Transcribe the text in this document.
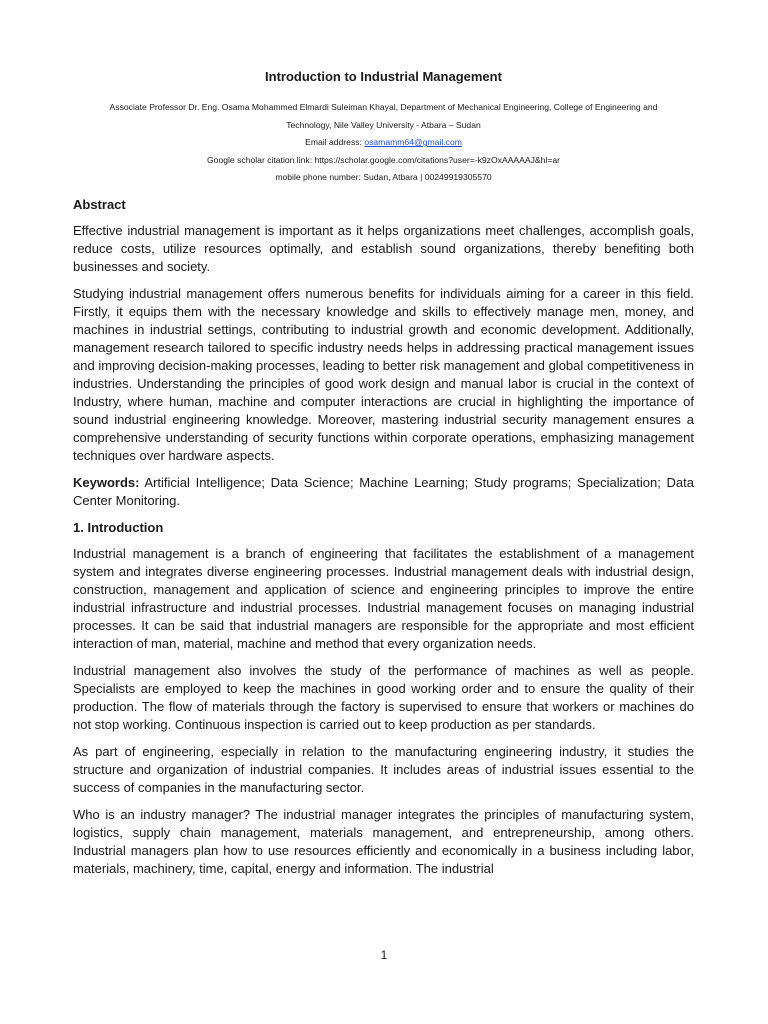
Introduction to Industrial Management

Associate Professor Dr. Eng. Osama Mohammed Elmardi Suleiman Khayal, Department of Mechanical Engineering, College of Engineering and

Technology, Nile Valley University - Atbara – Sudan

Email address: osamamm64@gmail.com

Google scholar citation link: https://scholar.google.com/citations?user=-k9zOxAAAAAJ&hl=ar

mobile phone number: Sudan, Atbara | 00249919305570

Abstract

Effective industrial management is important as it helps organizations meet challenges, accomplish goals, reduce costs, utilize resources optimally, and establish sound organizations, thereby benefiting both businesses and society.

Studying industrial management offers numerous benefits for individuals aiming for a career in this field. Firstly, it equips them with the necessary knowledge and skills to effectively manage men, money, and machines in industrial settings, contributing to industrial growth and economic development. Additionally, management research tailored to specific industry needs helps in addressing practical management issues and improving decision-making processes, leading to better risk management and global competitiveness in industries. Understanding the principles of good work design and manual labor is crucial in the context of Industry, where human, machine and computer interactions are crucial in highlighting the importance of sound industrial engineering knowledge. Moreover, mastering industrial security management ensures a comprehensive understanding of security functions within corporate operations, emphasizing management techniques over hardware aspects.

Keywords: Artificial Intelligence; Data Science; Machine Learning; Study programs; Specialization; Data Center Monitoring.

1. Introduction

Industrial management is a branch of engineering that facilitates the establishment of a management system and integrates diverse engineering processes. Industrial management deals with industrial design, construction, management and application of science and engineering principles to improve the entire industrial infrastructure and industrial processes. Industrial management focuses on managing industrial processes. It can be said that industrial managers are responsible for the appropriate and most efficient interaction of man, material, machine and method that every organization needs.

Industrial management also involves the study of the performance of machines as well as people. Specialists are employed to keep the machines in good working order and to ensure the quality of their production. The flow of materials through the factory is supervised to ensure that workers or machines do not stop working. Continuous inspection is carried out to keep production as per standards.

As part of engineering, especially in relation to the manufacturing engineering industry, it studies the structure and organization of industrial companies. It includes areas of industrial issues essential to the success of companies in the manufacturing sector.

Who is an industry manager? The industrial manager integrates the principles of manufacturing system, logistics, supply chain management, materials management, and entrepreneurship, among others. Industrial managers plan how to use resources efficiently and economically in a business including labor, materials, machinery, time, capital, energy and information. The industrial

1
